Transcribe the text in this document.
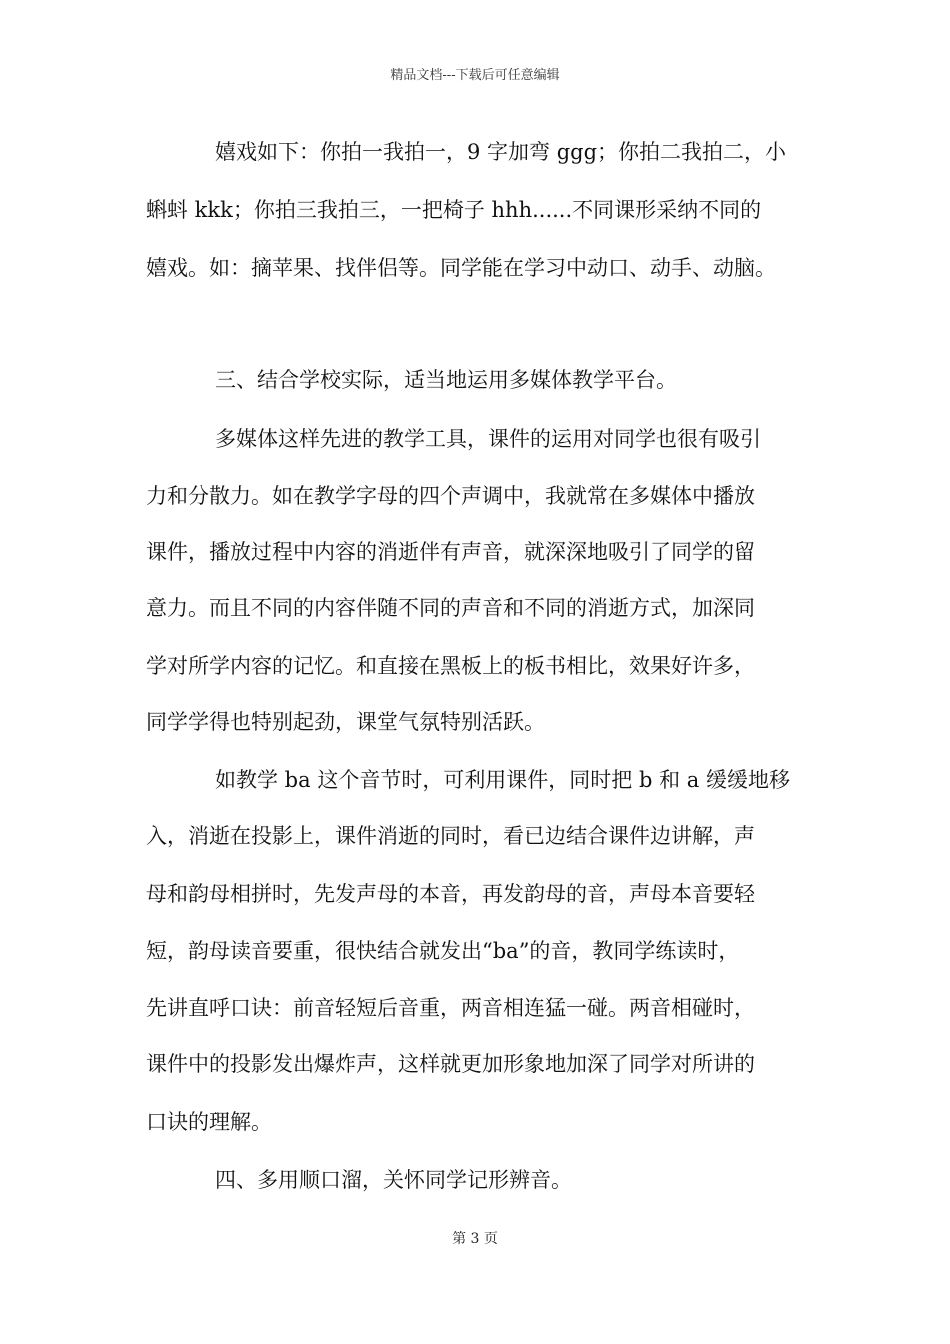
精品文档---下载后可任意编辑
嬉戏如下：你拍一我拍一，9 字加弯 ggg；你拍二我拍二，小
蝌蚪 kkk；你拍三我拍三，一把椅子 hhh......不同课形采纳不同的
嬉戏。如：摘苹果、找伴侣等。同学能在学习中动口、动手、动脑。
三、结合学校实际，适当地运用多媒体教学平台。
多媒体这样先进的教学工具，课件的运用对同学也很有吸引
力和分散力。如在教学字母的四个声调中，我就常在多媒体中播放
课件，播放过程中内容的消逝伴有声音，就深深地吸引了同学的留
意力。而且不同的内容伴随不同的声音和不同的消逝方式，加深同
学对所学内容的记忆。和直接在黑板上的板书相比，效果好许多，
同学学得也特别起劲，课堂气氛特别活跃。
如教学 ba 这个音节时，可利用课件，同时把 b 和 a 缓缓地移
入，消逝在投影上，课件消逝的同时，看已边结合课件边讲解，声
母和韵母相拼时，先发声母的本音，再发韵母的音，声母本音要轻
短，韵母读音要重，很快结合就发出“ba”的音，教同学练读时，
先讲直呼口诀：前音轻短后音重，两音相连猛一碰。两音相碰时，
课件中的投影发出爆炸声，这样就更加形象地加深了同学对所讲的
口诀的理解。
四、多用顺口溜，关怀同学记形辨音。
第 3 页
